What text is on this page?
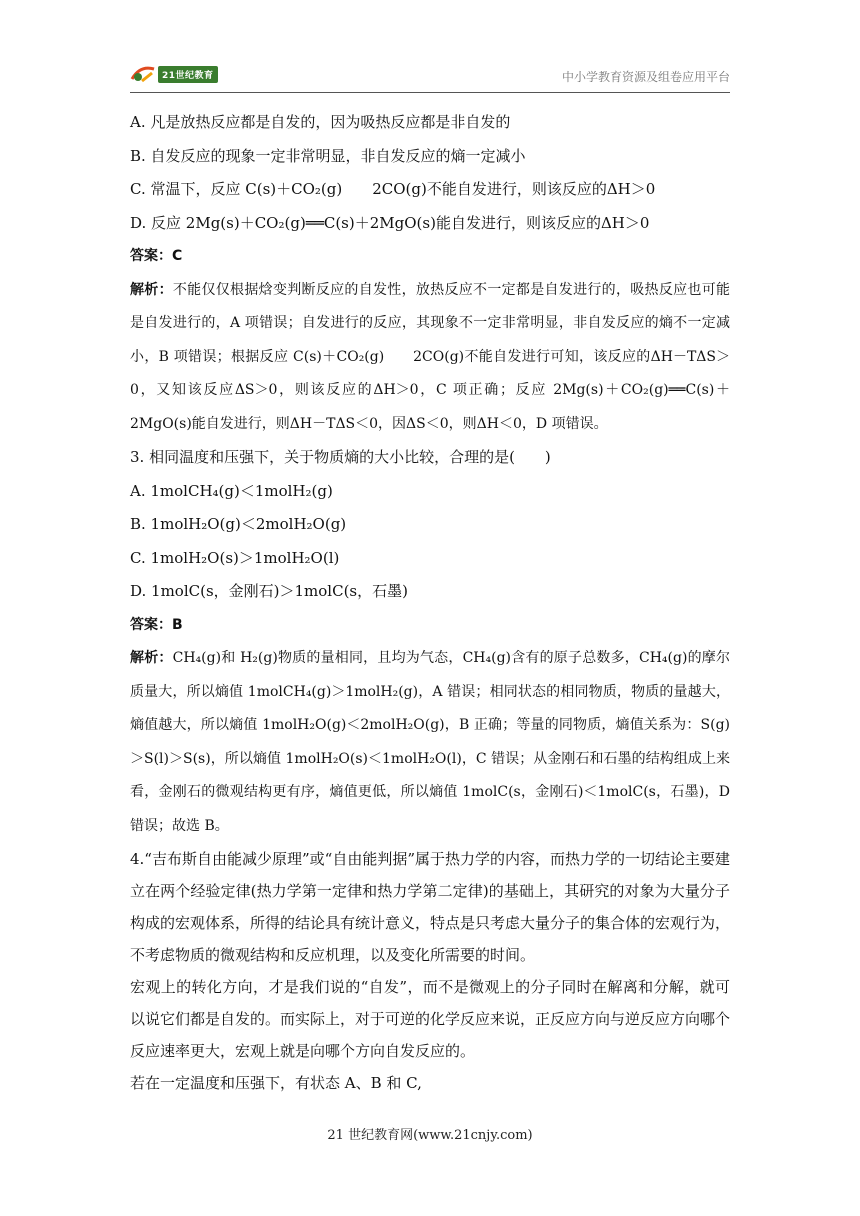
21世纪教育	中小学教育资源及组卷应用平台
A. 凡是放热反应都是自发的，因为吸热反应都是非自发的
B. 自发反应的现象一定非常明显，非自发反应的熵一定减小
C. 常温下，反应 C(s)＋CO₂(g)　　2CO(g)不能自发进行，则该反应的ΔH＞0
D. 反应 2Mg(s)＋CO₂(g)══C(s)＋2MgO(s)能自发进行，则该反应的ΔH＞0
答案：C
解析：不能仅仅根据焓变判断反应的自发性，放热反应不一定都是自发进行的，吸热反应也可能是自发进行的，A 项错误；自发进行的反应，其现象不一定非常明显，非自发反应的熵不一定减小，B 项错误；根据反应 C(s)＋CO₂(g)　　2CO(g)不能自发进行可知，该反应的ΔH－TΔS＞0，又知该反应ΔS＞0，则该反应的ΔH＞0，C 项正确；反应 2Mg(s)＋CO₂(g)══C(s)＋2MgO(s)能自发进行，则ΔH－TΔS＜0，因ΔS＜0，则ΔH＜0，D 项错误。
3. 相同温度和压强下，关于物质熵的大小比较，合理的是(　　)
A. 1molCH₄(g)＜1molH₂(g)
B. 1molH₂O(g)＜2molH₂O(g)
C. 1molH₂O(s)＞1molH₂O(l)
D. 1molC(s，金刚石)＞1molC(s，石墨)
答案：B
解析：CH₄(g)和 H₂(g)物质的量相同，且均为气态，CH₄(g)含有的原子总数多，CH₄(g)的摩尔质量大，所以熵值 1molCH₄(g)＞1molH₂(g)，A 错误；相同状态的相同物质，物质的量越大，熵值越大，所以熵值 1molH₂O(g)＜2molH₂O(g)，B 正确；等量的同物质，熵值关系为：S(g)＞S(l)＞S(s)，所以熵值 1molH₂O(s)＜1molH₂O(l)，C 错误；从金刚石和石墨的结构组成上来看，金刚石的微观结构更有序，熵值更低，所以熵值 1molC(s，金刚石)＜1molC(s，石墨)，D 错误；故选 B。
4.“吉布斯自由能减少原理”或“自由能判据”属于热力学的内容，而热力学的一切结论主要建立在两个经验定律(热力学第一定律和热力学第二定律)的基础上，其研究的对象为大量分子构成的宏观体系，所得的结论具有统计意义，特点是只考虑大量分子的集合体的宏观行为，不考虑物质的微观结构和反应机理，以及变化所需要的时间。
宏观上的转化方向，才是我们说的“自发”，而不是微观上的分子同时在解离和分解，就可以说它们都是自发的。而实际上，对于可逆的化学反应来说，正反应方向与逆反应方向哪个反应速率更大，宏观上就是向哪个方向自发反应的。
若在一定温度和压强下，有状态 A、B 和 C,
21 世纪教育网(www.21cnjy.com)
